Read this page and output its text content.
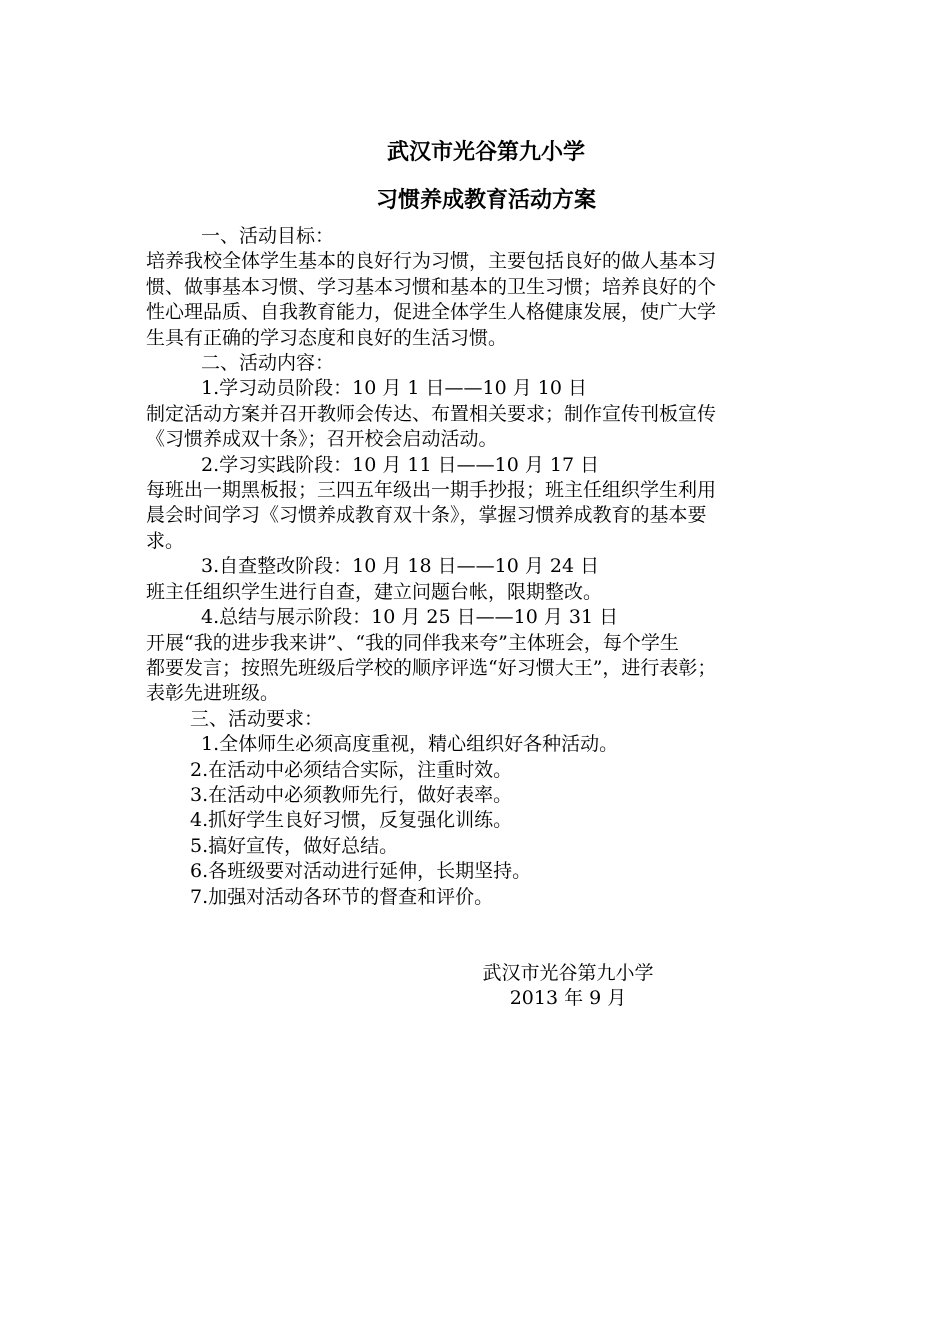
武汉市光谷第九小学

习惯养成教育活动方案

一、活动目标：

培养我校全体学生基本的良好行为习惯，主要包括良好的做人基本习

惯、做事基本习惯、学习基本习惯和基本的卫生习惯；培养良好的个

性心理品质、自我教育能力，促进全体学生人格健康发展，使广大学

生具有正确的学习态度和良好的生活习惯。

二、活动内容：

1.学习动员阶段：10 月 1 日——10 月 10 日

制定活动方案并召开教师会传达、布置相关要求；制作宣传刊板宣传

《习惯养成双十条》；召开校会启动活动。

2.学习实践阶段：10 月 11 日——10 月 17 日

每班出一期黑板报；三四五年级出一期手抄报；班主任组织学生利用

晨会时间学习《习惯养成教育双十条》，掌握习惯养成教育的基本要

求。

3.自查整改阶段：10 月 18 日——10 月 24 日

班主任组织学生进行自查，建立问题台帐，限期整改。

4.总结与展示阶段：10 月 25 日——10 月 31 日

开展“我的进步我来讲”、“我的同伴我来夸”主体班会，每个学生

都要发言；按照先班级后学校的顺序评选“好习惯大王”，进行表彰；

表彰先进班级。

三、活动要求：

1.全体师生必须高度重视，精心组织好各种活动。

2.在活动中必须结合实际，注重时效。

3.在活动中必须教师先行，做好表率。

4.抓好学生良好习惯，反复强化训练。

5.搞好宣传，做好总结。

6.各班级要对活动进行延伸，长期坚持。

7.加强对活动各环节的督查和评价。

武汉市光谷第九小学
2013 年 9 月
